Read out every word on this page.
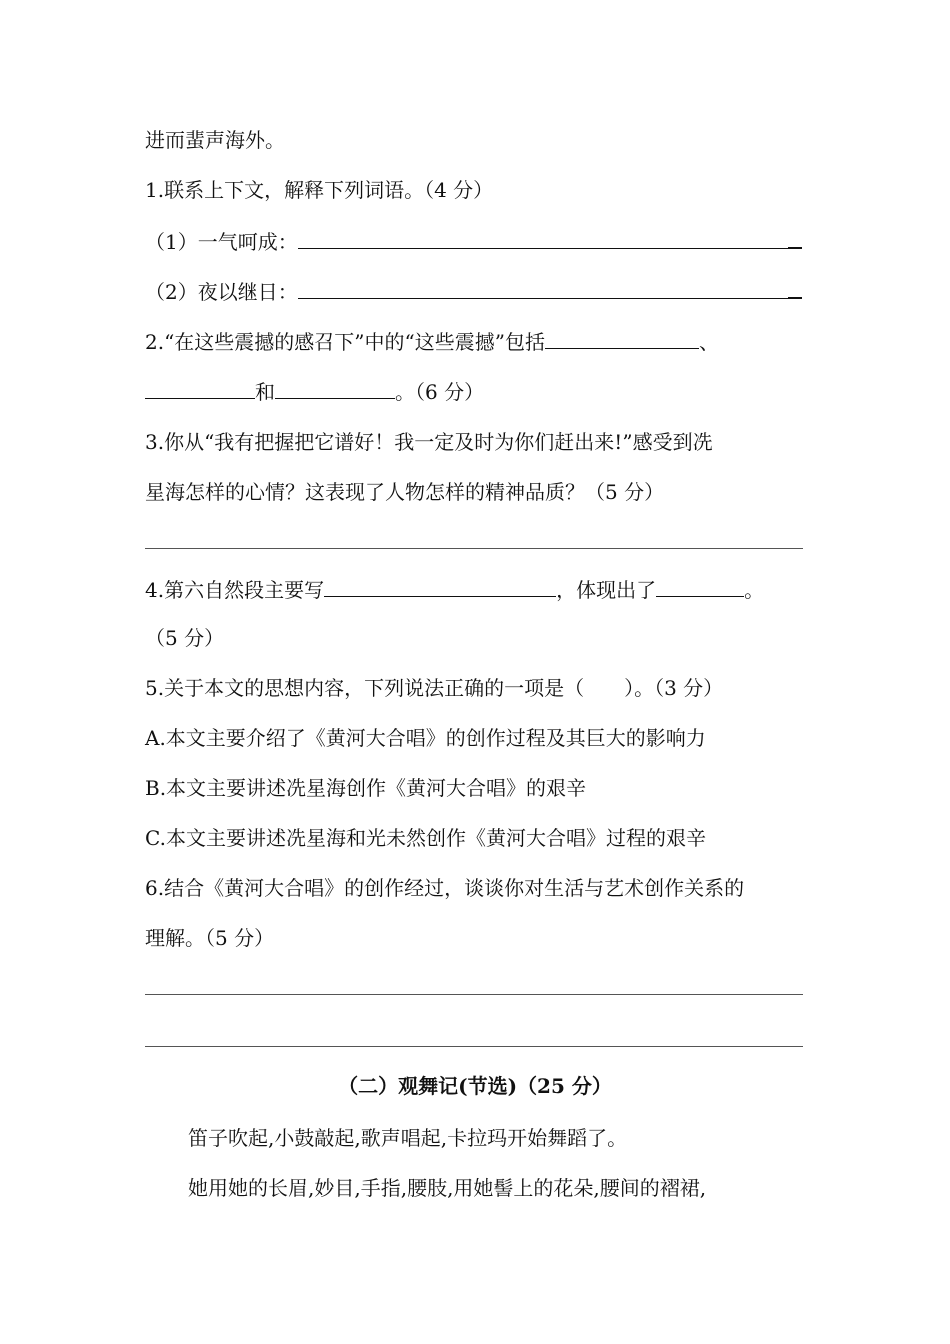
进而蜚声海外。
1.联系上下文，解释下列词语。（4 分）
（1）一气呵成：
（2）夜以继日：
2.“在这些震撼的感召下”中的“这些震撼”包括	、
和	。（6 分）
3.你从“我有把握把它谱好！我一定及时为你们赶出来!”感受到冼
星海怎样的心情？这表现了人物怎样的精神品质？（5 分）
4.第六自然段主要写	，体现出了	。
（5 分）
5.关于本文的思想内容，下列说法正确的一项是（　　）。（3 分）
A.本文主要介绍了《黄河大合唱》的创作过程及其巨大的影响力
B.本文主要讲述冼星海创作《黄河大合唱》的艰辛
C.本文主要讲述冼星海和光未然创作《黄河大合唱》过程的艰辛
6.结合《黄河大合唱》的创作经过，谈谈你对生活与艺术创作关系的
理解。（5 分）
（二）观舞记(节选)（25 分）
笛子吹起,小鼓敲起,歌声唱起,卡拉玛开始舞蹈了。
她用她的长眉,妙目,手指,腰肢,用她髻上的花朵,腰间的褶裙,
